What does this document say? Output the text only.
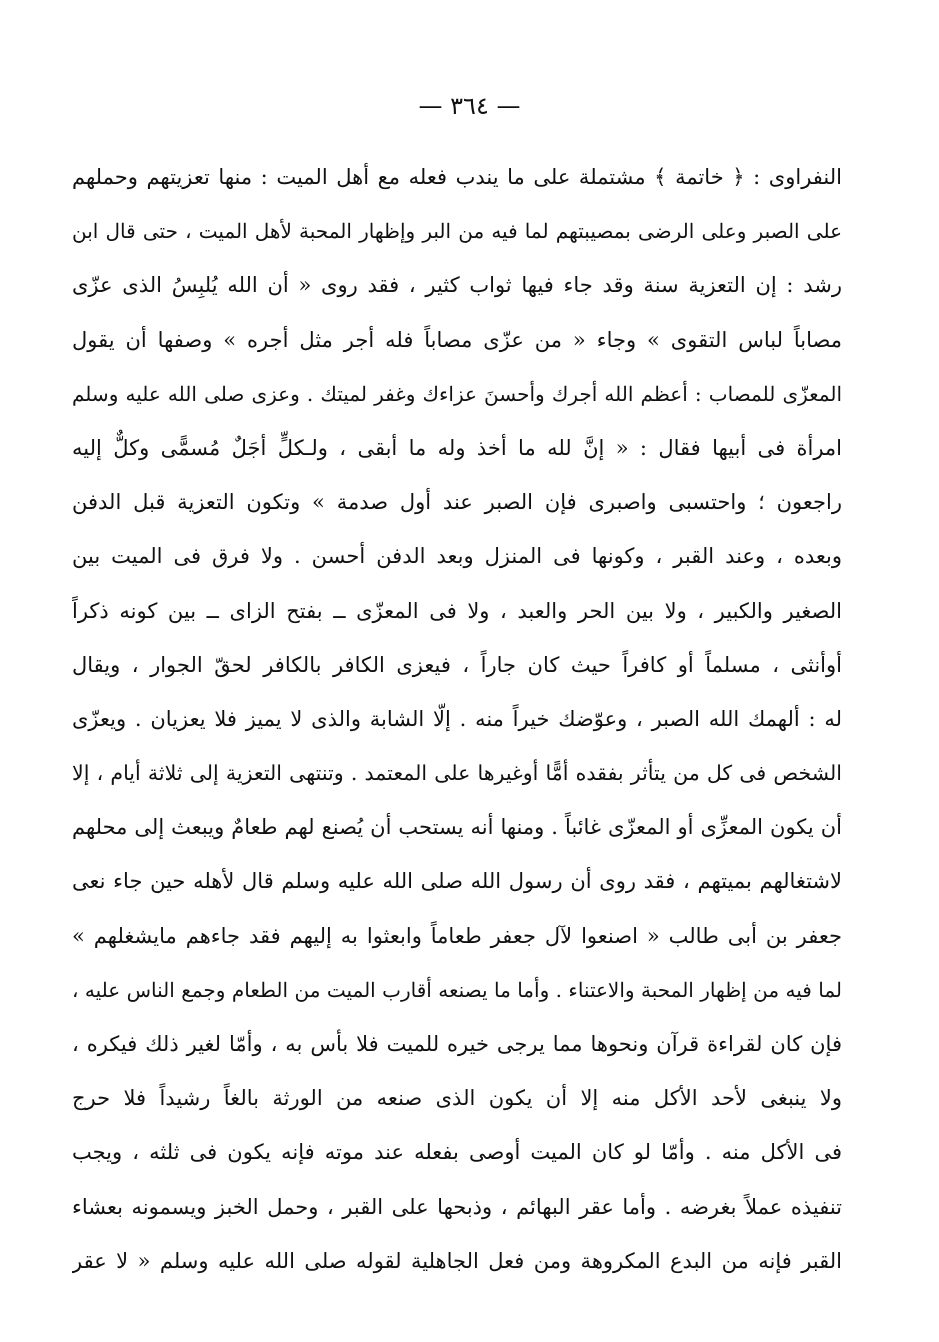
— ٣٦٤ —
النفراوى : ﴿ خاتمة ﴾ مشتملة على ما يندب فعله مع أهل الميت : منها تعزيتهم وحملهم
على الصبر وعلى الرضى بمصيبتهم لما فيه من البر وإظهار المحبة لأهل الميت ، حتى قال ابن
رشد : إن التعزية سنة وقد جاء فيها ثواب كثير ، فقد روى « أن الله يُلبِسُ الذى عزّى
مصاباً لباس التقوى » وجاء « من عزّى مصاباً فله أجر مثل أجره » وصفها أن يقول
المعزّى للمصاب : أعظم الله أجرك وأحسنَ عزاءك وغفر لميتك . وعزى صلى الله عليه وسلم
امرأة فى أبيها فقال : « إنَّ لله ما أخذ وله ما أبقى ، ولـكلٍّ أجَلٌ مُسمًّى وكلٌّ إليه
راجعون ؛ واحتسبى واصبرى فإن الصبر عند أول صدمة » وتكون التعزية قبل الدفن
وبعده ، وعند القبر ، وكونها فى المنزل وبعد الدفن أحسن . ولا فرق فى الميت بين
الصغير والكبير ، ولا بين الحر والعبد ، ولا فى المعزّى ــ بفتح الزاى ــ بين كونه ذكراً
أوأنثى ، مسلماً أو كافراً حيث كان جاراً ، فيعزى الكافر بالكافر لحقّ الجوار ، ويقال
له : ألهمك الله الصبر ، وعوّضك خيراً منه . إلّا الشابة والذى لا يميز فلا يعزيان . ويعزّى
الشخص فى كل من يتأثر بفقده أمًّا أوغيرها على المعتمد . وتنتهى التعزية إلى ثلاثة أيام ، إلا
أن يكون المعزِّى أو المعزّى غائباً . ومنها أنه يستحب أن يُصنع لهم طعامٌ ويبعث إلى محلهم
لاشتغالهم بميتهم ، فقد روى أن رسول الله صلى الله عليه وسلم قال لأهله حين جاء نعى
جعفر بن أبى طالب « اصنعوا لآل جعفر طعاماً وابعثوا به إليهم فقد جاءهم مايشغلهم »
لما فيه من إظهار المحبة والاعتناء . وأما ما يصنعه أقارب الميت من الطعام وجمع الناس عليه ،
فإن كان لقراءة قرآن ونحوها مما يرجى خيره للميت فلا بأس به ، وأمّا لغير ذلك فيكره ،
ولا ينبغى لأحد الأكل منه إلا أن يكون الذى صنعه من الورثة بالغاً رشيداً فلا حرج
فى الأكل منه . وأمّا لو كان الميت أوصى بفعله عند موته فإنه يكون فى ثلثه ، ويجب
تنفيذه عملاً بغرضه . وأما عقر البهائم ، وذبحها على القبر ، وحمل الخبز ويسمونه بعشاء
القبر فإنه من البدع المكروهة ومن فعل الجاهلية لقوله صلى الله عليه وسلم « لا عقر
